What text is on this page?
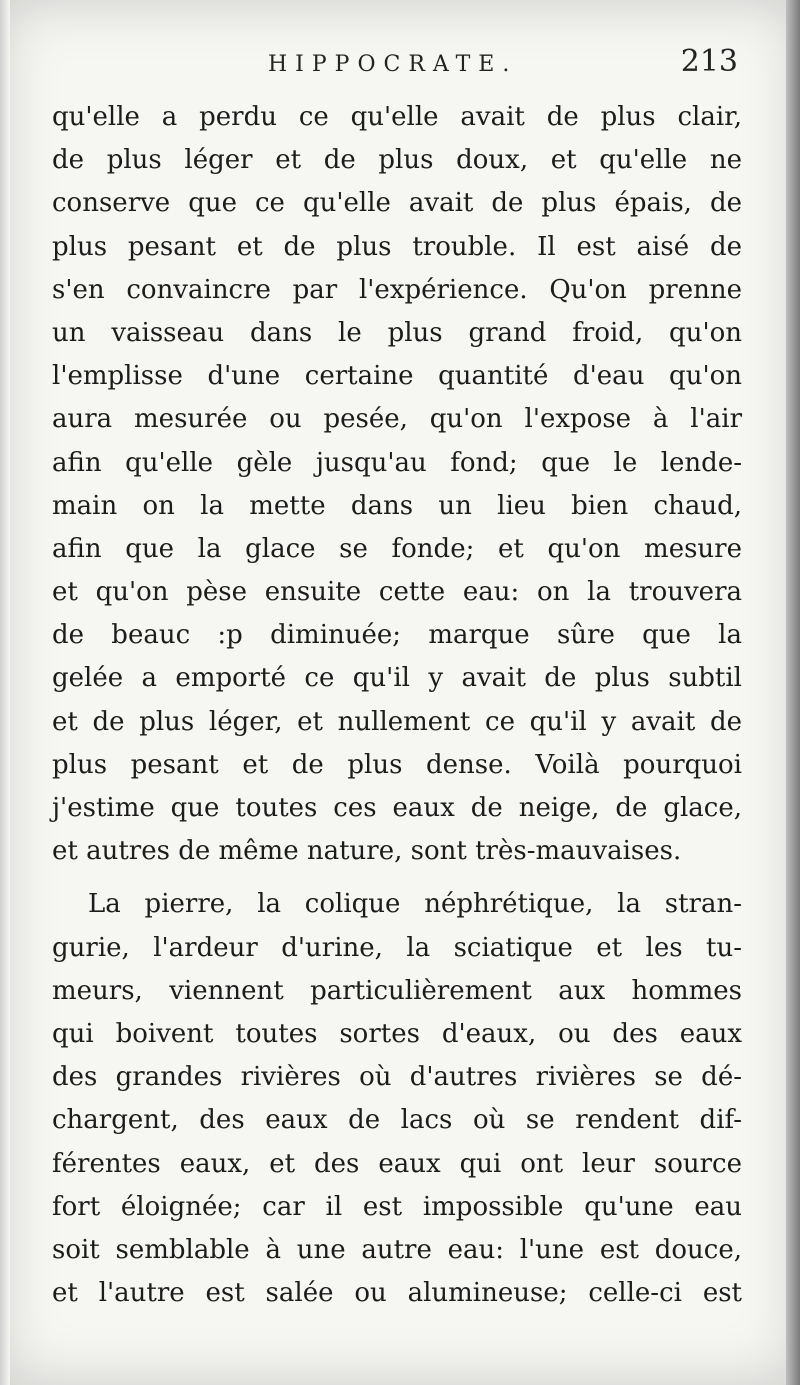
HIPPOCRATE.	213
qu'elle a perdu ce qu'elle avait de plus clair,
de plus léger et de plus doux, et qu'elle ne
conserve que ce qu'elle avait de plus épais, de
plus pesant et de plus trouble. Il est aisé de
s'en convaincre par l'expérience. Qu'on prenne
un vaisseau dans le plus grand froid, qu'on
l'emplisse d'une certaine quantité d'eau qu'on
aura mesurée ou pesée, qu'on l'expose à l'air
afin qu'elle gèle jusqu'au fond; que le lende-
main on la mette dans un lieu bien chaud,
afin que la glace se fonde; et qu'on mesure
et qu'on pèse ensuite cette eau: on la trouvera
de beauc :p diminuée; marque sûre que la
gelée a emporté ce qu'il y avait de plus subtil
et de plus léger, et nullement ce qu'il y avait de
plus pesant et de plus dense. Voilà pourquoi
j'estime que toutes ces eaux de neige, de glace,
et autres de même nature, sont très-mauvaises.
La pierre, la colique néphrétique, la stran-
gurie, l'ardeur d'urine, la sciatique et les tu-
meurs, viennent particulièrement aux hommes
qui boivent toutes sortes d'eaux, ou des eaux
des grandes rivières où d'autres rivières se dé-
chargent, des eaux de lacs où se rendent dif-
férentes eaux, et des eaux qui ont leur source
fort éloignée; car il est impossible qu'une eau
soit semblable à une autre eau: l'une est douce,
et l'autre est salée ou alumineuse; celle-ci est
